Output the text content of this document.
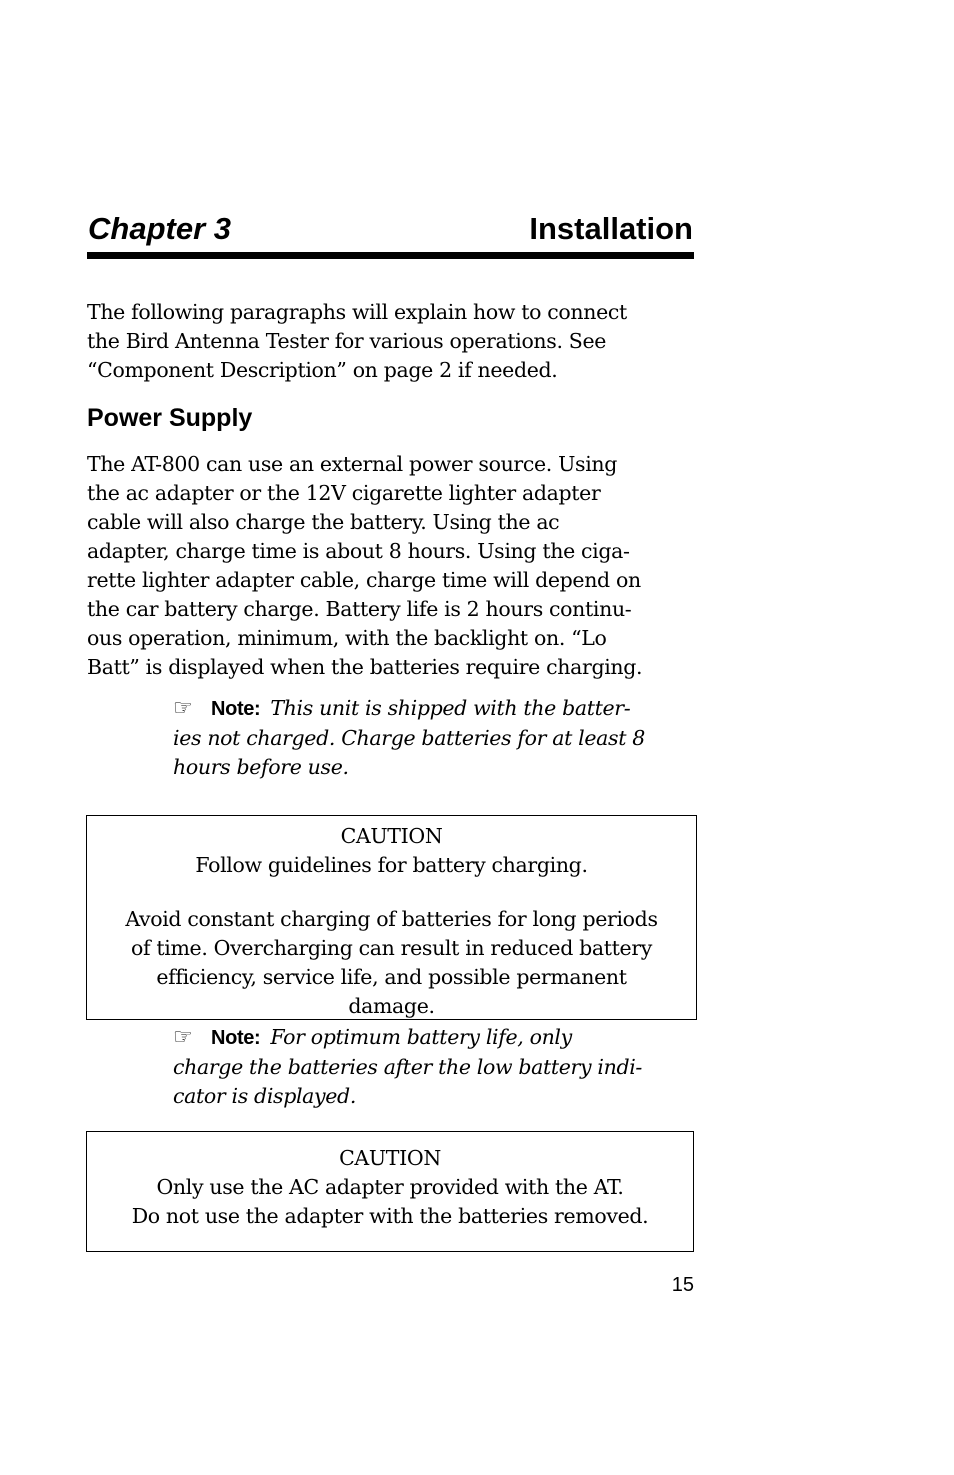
Chapter 3	Installation
The following paragraphs will explain how to connect
the Bird Antenna Tester for various operations. See
“Component Description” on page 2 if needed.
Power Supply
The AT-800 can use an external power source. Using
the ac adapter or the 12V cigarette lighter adapter
cable will also charge the battery. Using the ac
adapter, charge time is about 8 hours. Using the ciga-
rette lighter adapter cable, charge time will depend on
the car battery charge. Battery life is 2 hours continu-
ous operation, minimum, with the backlight on. “Lo
Batt” is displayed when the batteries require charging.
☞ Note: This unit is shipped with the batter-
ies not charged. Charge batteries for at least 8
hours before use.
CAUTION
Follow guidelines for battery charging.
Avoid constant charging of batteries for long periods
of time. Overcharging can result in reduced battery
efficiency, service life, and possible permanent
damage.
☞ Note: For optimum battery life, only
charge the batteries after the low battery indi-
cator is displayed.
CAUTION
Only use the AC adapter provided with the AT.
Do not use the adapter with the batteries removed.
15
